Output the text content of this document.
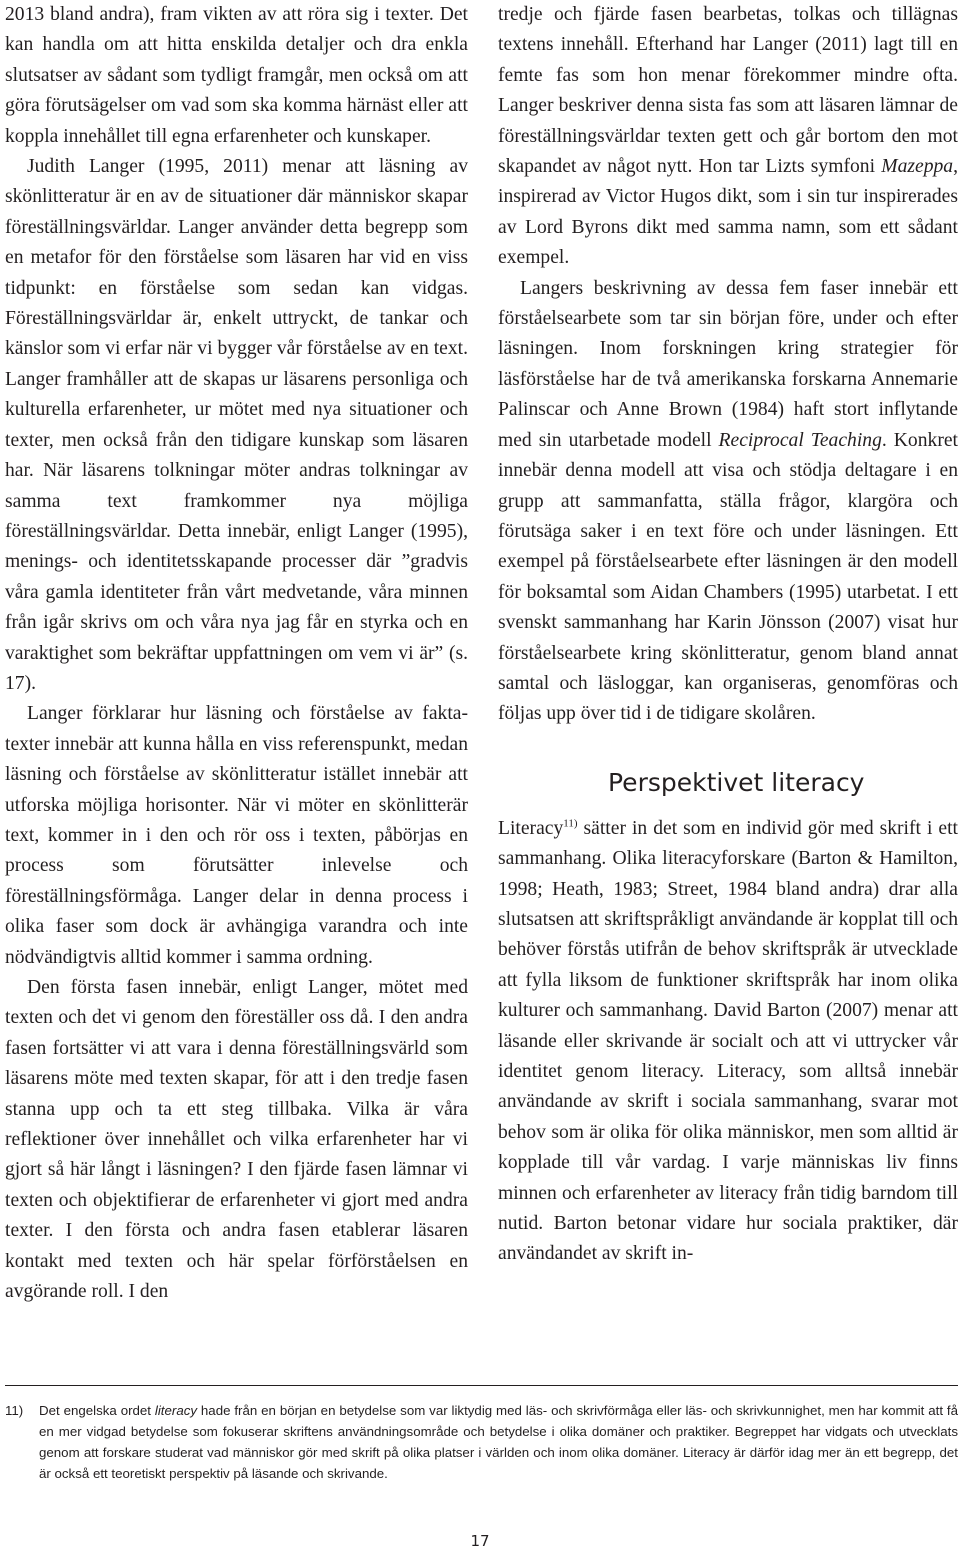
2013 bland andra), fram vikten av att röra sig i texter. Det kan handla om att hitta enskilda detaljer och dra enkla slutsatser av sådant som tydligt framgår, men också om att göra förutsägelser om vad som ska komma härnäst eller att koppla innehållet till egna erfarenheter och kunskaper.

Judith Langer (1995, 2011) menar att läsning av skönlitteratur är en av de situationer där människor skapar föreställningsvärldar. Langer använder detta begrepp som en metafor för den förståelse som läsaren har vid en viss tidpunkt: en förståelse som sedan kan vidgas. Föreställningsvärldar är, enkelt uttryckt, de tankar och känslor som vi erfar när vi bygger vår förståelse av en text. Langer framhåller att de skapas ur läsarens personliga och kulturella erfarenheter, ur mötet med nya situationer och texter, men också från den tidigare kunskap som läsaren har. När läsarens tolkningar möter andras tolkningar av samma text framkommer nya möjliga föreställningsvärldar. Detta innebär, enligt Langer (1995), menings- och identitetsskapande processer där ”gradvis våra gamla identiteter från vårt medvetande, våra minnen från igår skrivs om och våra nya jag får en styrka och en varaktighet som bekräftar uppfattningen om vem vi är” (s. 17).

Langer förklarar hur läsning och förståelse av faktatexter innebär att kunna hålla en viss referenspunkt, medan läsning och förståelse av skönlitteratur istället innebär att utforska möjliga horisonter. När vi möter en skönlitterär text, kommer in i den och rör oss i texten, påbörjas en process som förutsätter inlevelse och föreställningsförmåga. Langer delar in denna process i olika faser som dock är avhängiga varandra och inte nödvändigtvis alltid kommer i samma ordning.

Den första fasen innebär, enligt Langer, mötet med texten och det vi genom den föreställer oss då. I den andra fasen fortsätter vi att vara i denna föreställningsvärld som läsarens möte med texten skapar, för att i den tredje fasen stanna upp och ta ett steg tillbaka. Vilka är våra reflektioner över innehållet och vilka erfarenheter har vi gjort så här långt i läsningen? I den fjärde fasen lämnar vi texten och objektifierar de erfarenheter vi gjort med andra texter. I den första och andra fasen etablerar läsaren kontakt med texten och här spelar förförståelsen en avgörande roll. I den

tredje och fjärde fasen bearbetas, tolkas och tillägnas textens innehåll. Efterhand har Langer (2011) lagt till en femte fas som hon menar förekommer mindre ofta. Langer beskriver denna sista fas som att läsaren lämnar de föreställningsvärldar texten gett och går bortom den mot skapandet av något nytt. Hon tar Lizts symfoni Mazeppa, inspirerad av Victor Hugos dikt, som i sin tur inspirerades av Lord Byrons dikt med samma namn, som ett sådant exempel.

Langers beskrivning av dessa fem faser innebär ett förståelsearbete som tar sin början före, under och efter läsningen. Inom forskningen kring strategier för läsförståelse har de två amerikanska forskarna Annemarie Palinscar och Anne Brown (1984) haft stort inflytande med sin utarbetade modell Reciprocal Teaching. Konkret innebär denna modell att visa och stödja deltagare i en grupp att sammanfatta, ställa frågor, klargöra och förutsäga saker i en text före och under läsningen. Ett exempel på förståelsearbete efter läsningen är den modell för boksamtal som Aidan Chambers (1995) utarbetat. I ett svenskt sammanhang har Karin Jönsson (2007) visat hur förståelsearbete kring skönlitteratur, genom bland annat samtal och läsloggar, kan organiseras, genomföras och följas upp över tid i de tidigare skolåren.

Perspektivet literacy

Literacy$^{11)}$ sätter in det som en individ gör med skrift i ett sammanhang. Olika literacyforskare (Barton & Hamilton, 1998; Heath, 1983; Street, 1984 bland andra) drar alla slutsatsen att skriftspråkligt användande är kopplat till och behöver förstås utifrån de behov skriftspråk är utvecklade att fylla liksom de funktioner skriftspråk har inom olika kulturer och sammanhang. David Barton (2007) menar att läsande eller skrivande är socialt och att vi uttrycker vår identitet genom literacy. Literacy, som alltså innebär användande av skrift i sociala sammanhang, svarar mot behov som är olika för olika människor, men som alltid är kopplade till vår vardag. I varje människas liv finns minnen och erfarenheter av literacy från tidig barndom till nutid. Barton betonar vidare hur sociala praktiker, där användandet av skrift in-

11)	Det engelska ordet literacy hade från en början en betydelse som var liktydig med läs- och skrivförmåga eller läs- och skrivkunnighet, men har kommit att få en mer vidgad betydelse som fokuserar skriftens användningsområde och betydelse i olika domäner och praktiker. Begreppet har vidgats och utvecklats genom att forskare studerat vad människor gör med skrift på olika platser i världen och inom olika domäner. Literacy är därför idag mer än ett begrepp, det är också ett teoretiskt perspektiv på läsande och skrivande.
17
